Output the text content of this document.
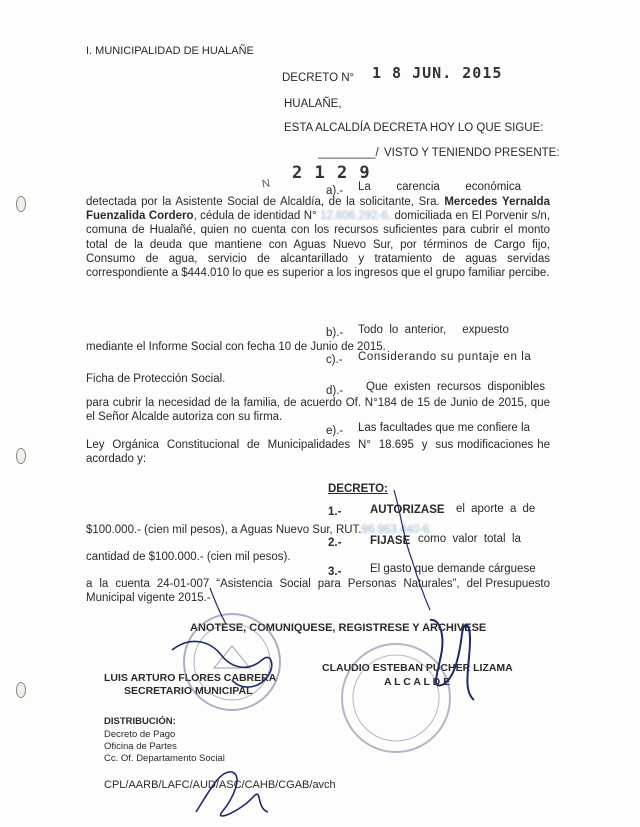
I. MUNICIPALIDAD DE HUALAÑE
DECRETO N° 1 8 JUN. 2015
HUALAÑE,
ESTA ALCALDÍA DECRETA HOY LO QUE SIGUE:
_________/ VISTO Y TENIENDO PRESENTE:
N
2 1 2 9
a).- La        carencia        económica
detectada por la Asistente Social de Alcaldía, de la solicitante, Sra. Mercedes Yernalda Fuenzalida Cordero, cédula de identidad N° 12.606.292-6, domiciliada en El Porvenir s/n, comuna de Hualañé, quien no cuenta con los recursos suficientes para cubrir el monto total de la deuda que mantiene con Aguas Nuevo Sur, por términos de Cargo fijo, Consumo de agua, servicio de alcantarillado y tratamiento de aguas servidas correspondiente a $444.010 lo que es superior a los ingresos que el grupo familiar percibe.
b).- Todo  lo  anterior,     expuesto
mediante el Informe Social con fecha 10 de Junio de 2015.
c).- Considerando su puntaje en la
Ficha de Protección Social.
d).- Que  existen  recursos  disponibles
para cubrir la necesidad de la familia, de acuerdo Of. N°184 de 15 de Junio de 2015, que el Señor Alcalde autoriza con su firma.
e).- Las facultades que me confiere la
Ley  Orgánica  Constitucional  de  Municipalidades  N°  18.695  y  sus modificaciones he acordado y:
DECRETO:
1.- AUTORIZASE el aporte a de
$100.000.- (cien mil pesos), a Aguas Nuevo Sur, RUT.96.963.440-6.
2.- FIJASE como  valor  total  la
cantidad de $100.000.- (cien mil pesos).
3.- El gasto que demande cárguese
a  la  cuenta  24-01-007  “Asistencia  Social  para  Personas  Naturales”,  del Presupuesto Municipal vigente 2015.-
ANOTESE, COMUNIQUESE, REGISTRESE Y ARCHIVESE
LUIS ARTURO FLORES CABRERA
SECRETARIO MUNICIPAL
CLAUDIO ESTEBAN PUCHER LIZAMA
A L C A L D E
DISTRIBUCIÓN:
Decreto de Pago
Oficina de Partes
Cc. Of. Departamento Social
CPL/AARB/LAFC/AUD/ASC/CAHB/CGAB/avch
